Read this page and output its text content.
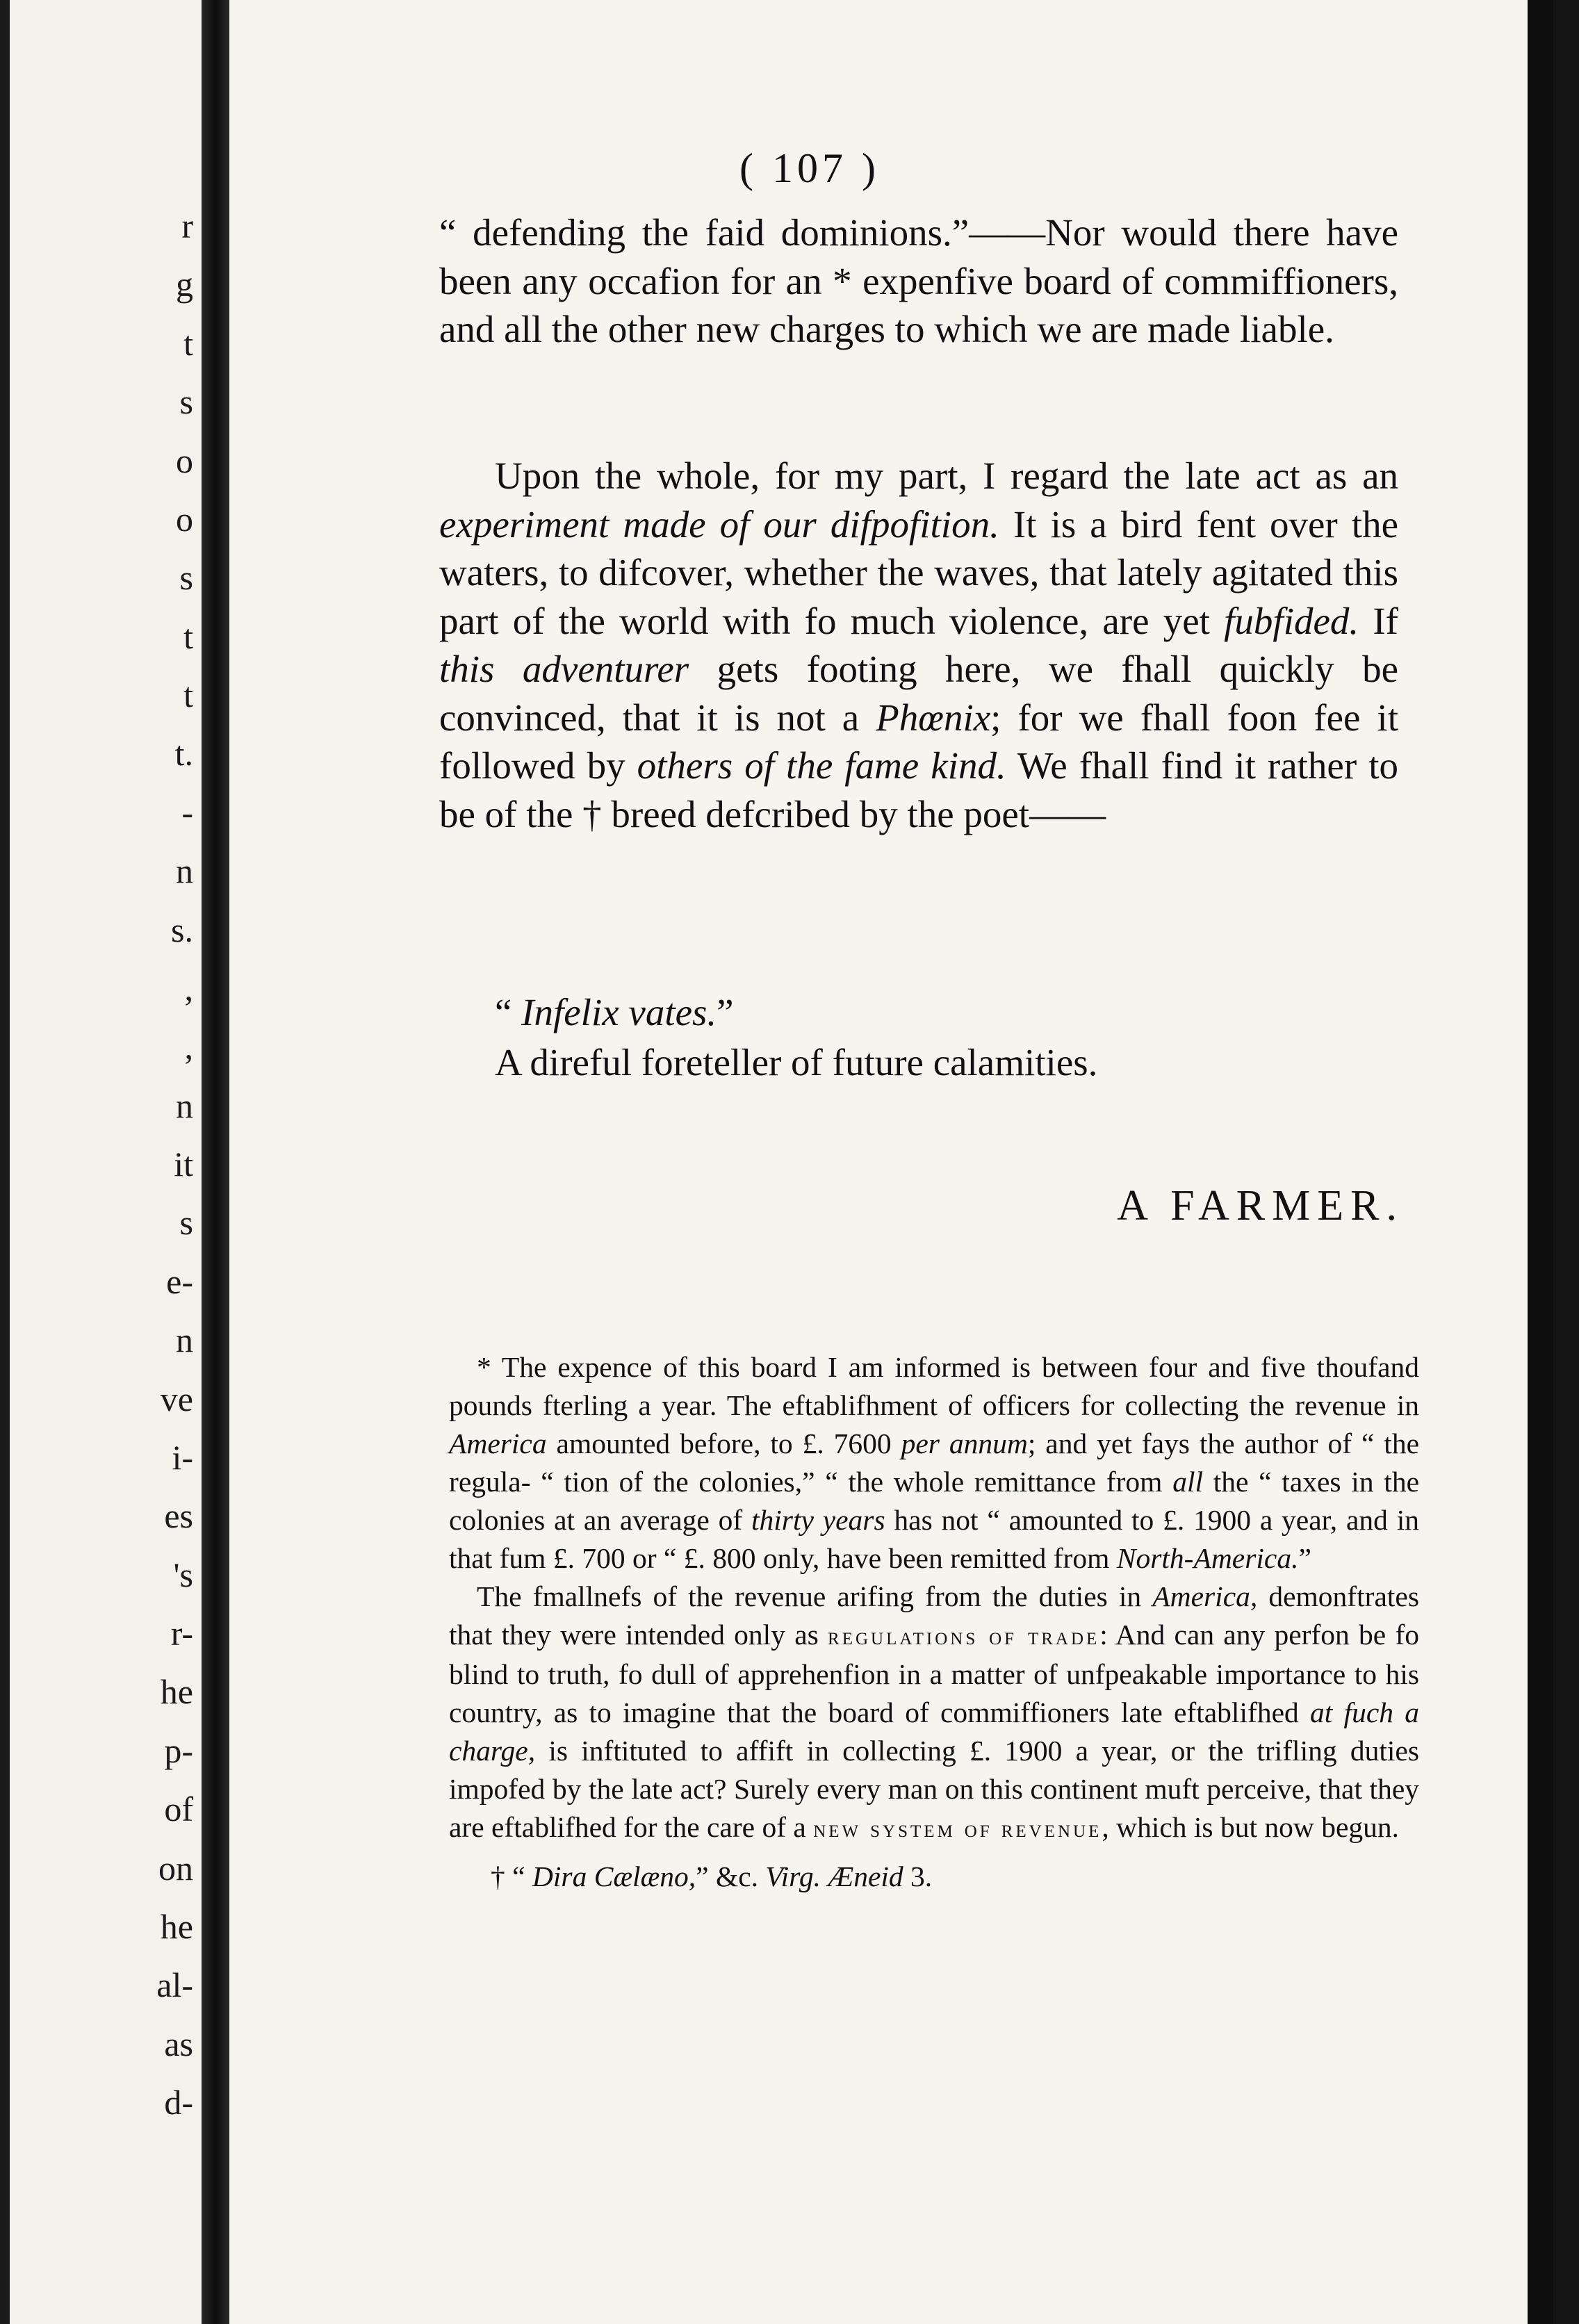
r
g
t
s
o
o
s
t
t
t.
-
n
s.
,
,
n
it
s
e-
n
ve
i-
es
's
r-
he
p-
of
on
he
al-
as
d-
( 107 )

“ defending the faid dominions.”——Nor would there have been any occafion for an * expenfive board of commiffioners, and all the other new charges to which we are made liable.

Upon the whole, for my part, I regard the late act as an experiment made of our difpofition. It is a bird fent over the waters, to difcover, whether the waves, that lately agitated this part of the world with fo much violence, are yet fubfided. If this adventurer gets footing here, we fhall quickly be convinced, that it is not a Phœnix; for we fhall foon fee it followed by others of the fame kind. We fhall find it rather to be of the † breed defcribed by the poet——

“ Infelix vates.”
A direful foreteller of future calamities.
A FARMER.

* The expence of this board I am informed is between four and five thoufand pounds fterling a year. The eftablifhment of officers for collecting the revenue in America amounted before, to £. 7600 per annum; and yet fays the author of “ the regula- “ tion of the colonies,” “ the whole remittance from all the “ taxes in the colonies at an average of thirty years has not “ amounted to £. 1900 a year, and in that fum £. 700 or “ £. 800 only, have been remitted from North-America.”

The fmallnefs of the revenue arifing from the duties in America, demonftrates that they were intended only as regulations of trade: And can any perfon be fo blind to truth, fo dull of apprehenfion in a matter of unfpeakable importance to his country, as to imagine that the board of commiffioners late eftablifhed at fuch a charge, is inftituted to affift in collecting £. 1900 a year, or the trifling duties impofed by the late act? Surely every man on this continent muft perceive, that they are eftablifhed for the care of a new system of revenue, which is but now begun.

† “ Dira Cælæno,” &c. Virg. Æneid 3.
